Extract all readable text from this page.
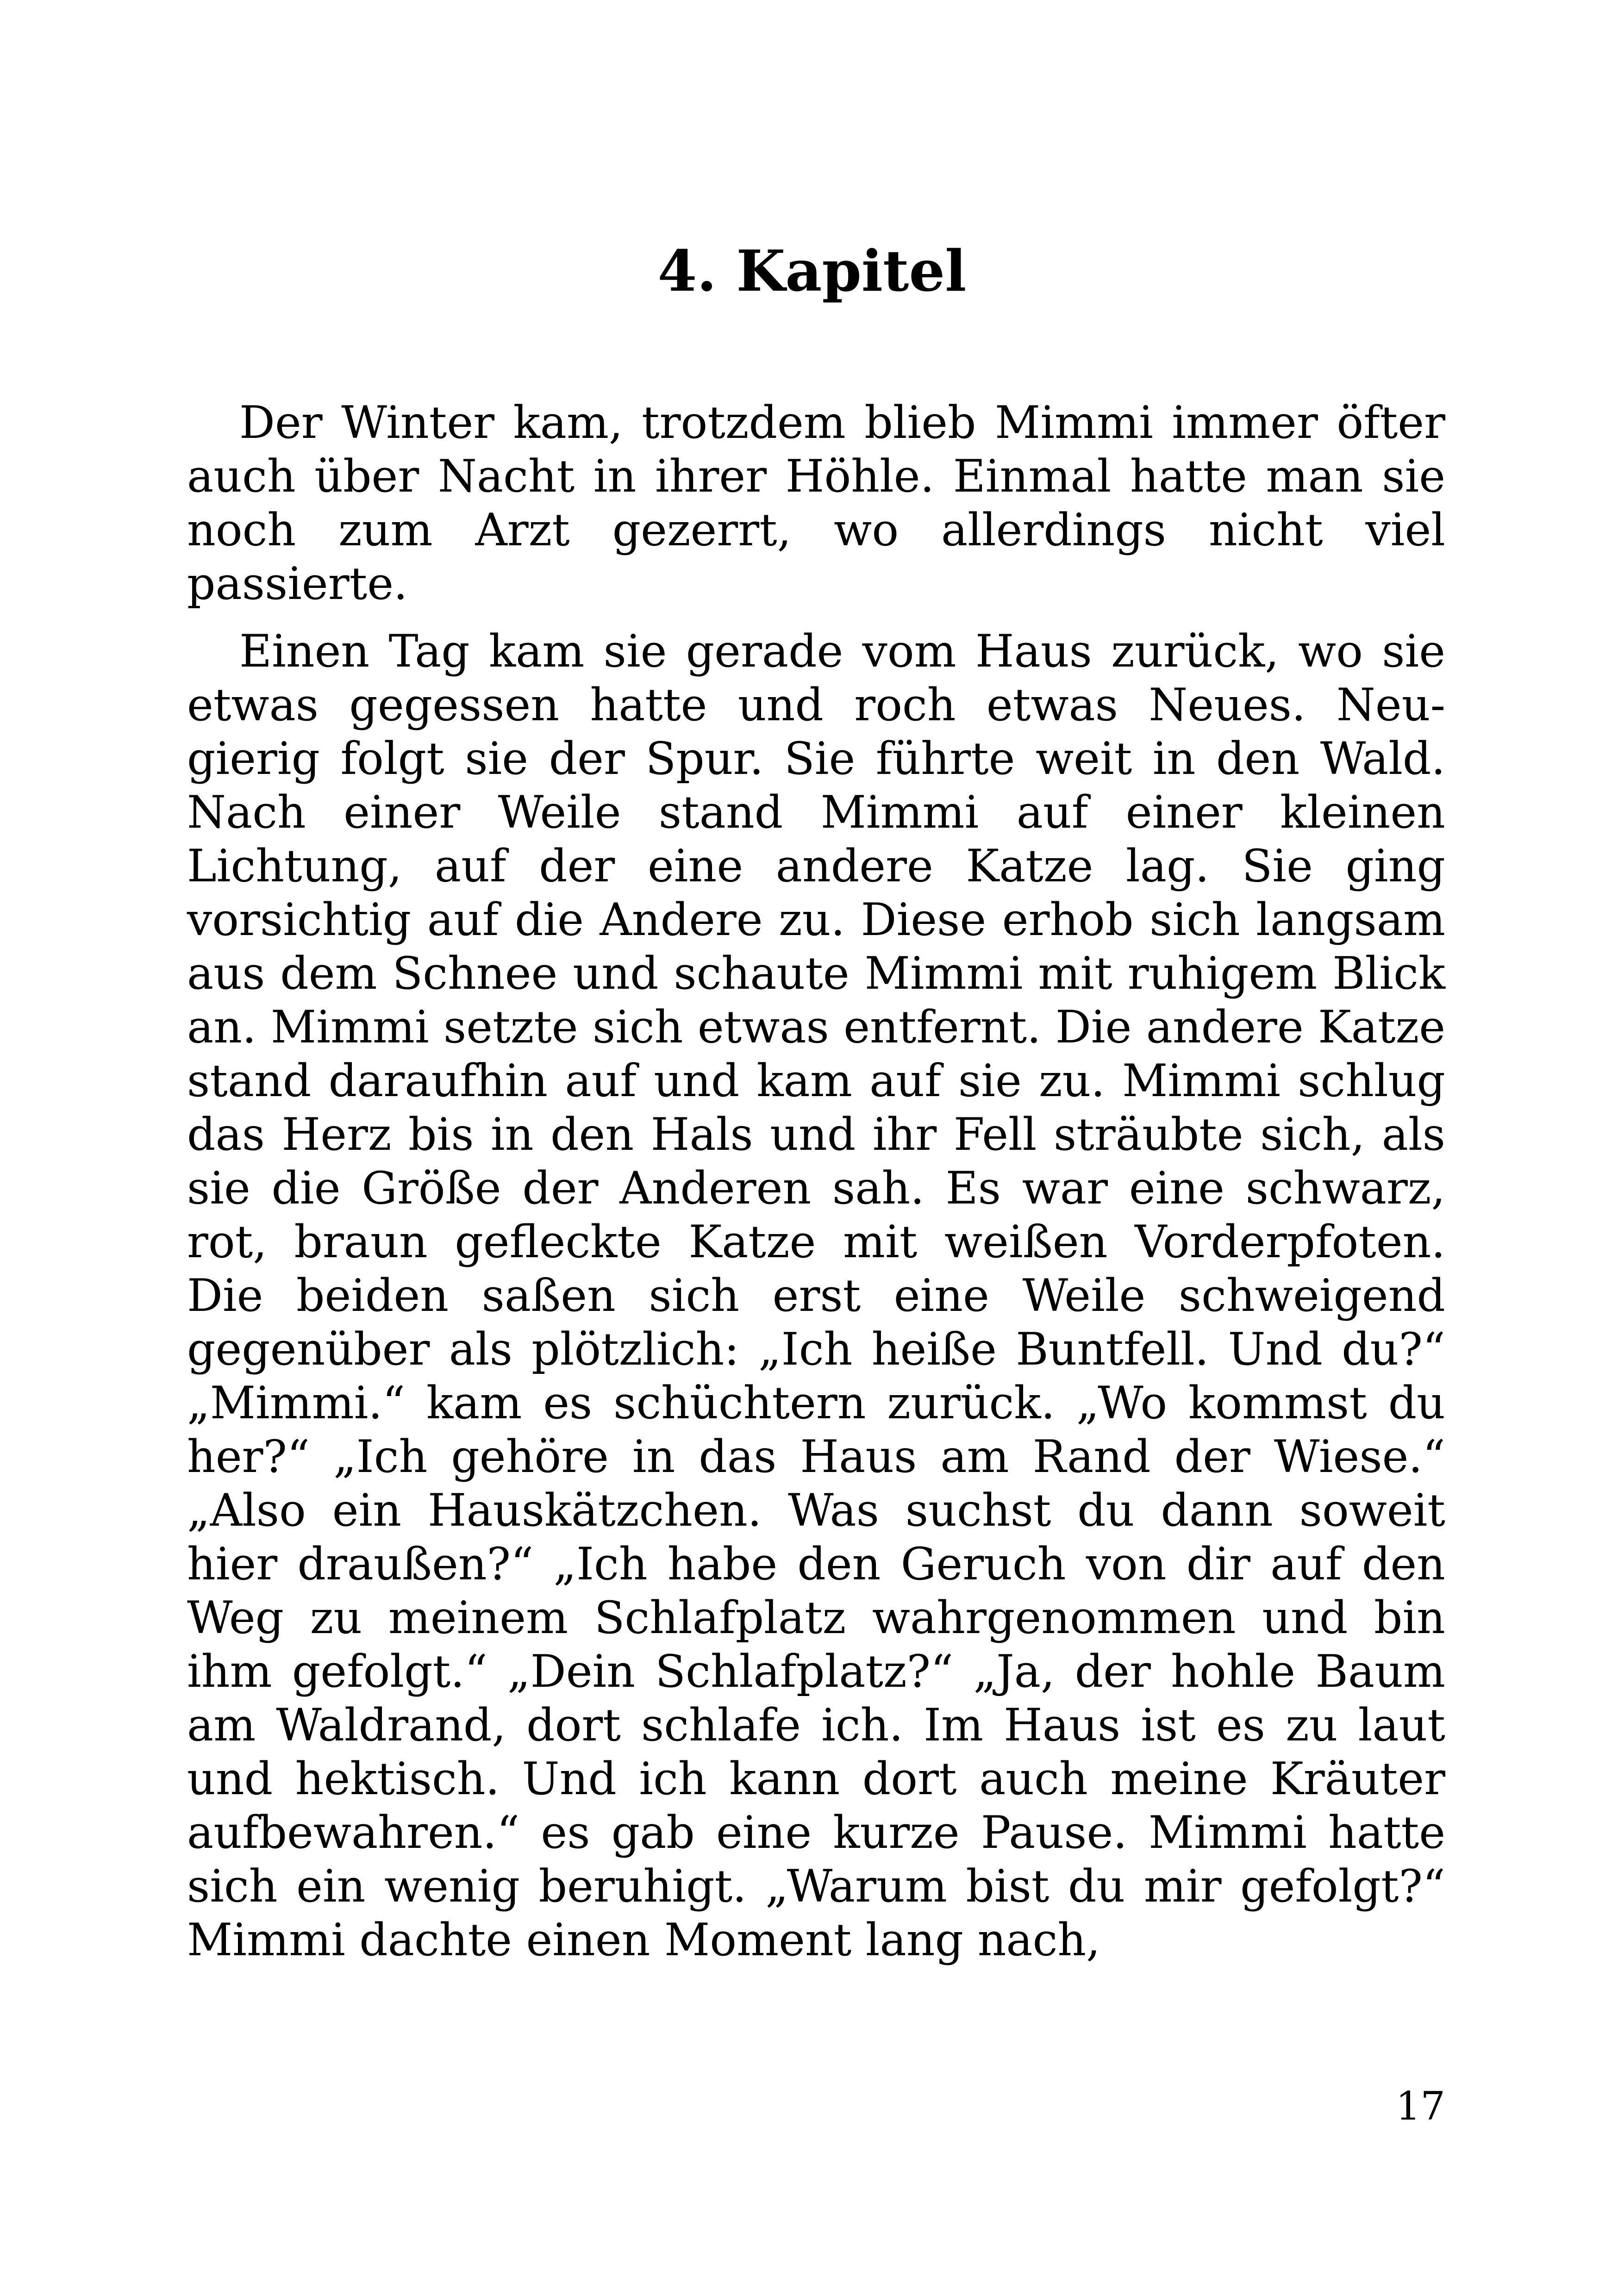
4. Kapitel

Der Winter kam, trotzdem blieb Mimmi immer öfter auch über Nacht in ihrer Höhle. Einmal hatte man sie noch zum Arzt gezerrt, wo allerdings nicht viel passierte.

Einen Tag kam sie gerade vom Haus zurück, wo sie etwas gegessen hatte und roch etwas Neues. Neugierig folgt sie der Spur. Sie führte weit in den Wald. Nach einer Weile stand Mimmi auf einer kleinen Lichtung, auf der eine andere Katze lag. Sie ging vorsichtig auf die Andere zu. Diese erhob sich langsam aus dem Schnee und schaute Mimmi mit ruhigem Blick an. Mimmi setzte sich etwas entfernt. Die andere Katze stand daraufhin auf und kam auf sie zu. Mimmi schlug das Herz bis in den Hals und ihr Fell sträubte sich, als sie die Größe der Anderen sah. Es war eine schwarz, rot, braun gefleckte Katze mit weißen Vorderpfoten. Die beiden saßen sich erst eine Weile schweigend gegenüber als plötzlich: „Ich heiße Buntfell. Und du?“ „Mimmi.“ kam es schüchtern zurück. „Wo kommst du her?“ „Ich gehöre in das Haus am Rand der Wiese.“ „Also ein Hauskätzchen. Was suchst du dann soweit hier draußen?“ „Ich habe den Geruch von dir auf den Weg zu meinem Schlafplatz wahrgenommen und bin ihm gefolgt.“ „Dein Schlafplatz?“ „Ja, der hohle Baum am Waldrand, dort schlafe ich. Im Haus ist es zu laut und hektisch. Und ich kann dort auch meine Kräuter aufbewahren.“ es gab eine kurze Pause. Mimmi hatte sich ein wenig beruhigt. „Warum bist du mir gefolgt?“ Mimmi dachte einen Moment lang nach,

17
